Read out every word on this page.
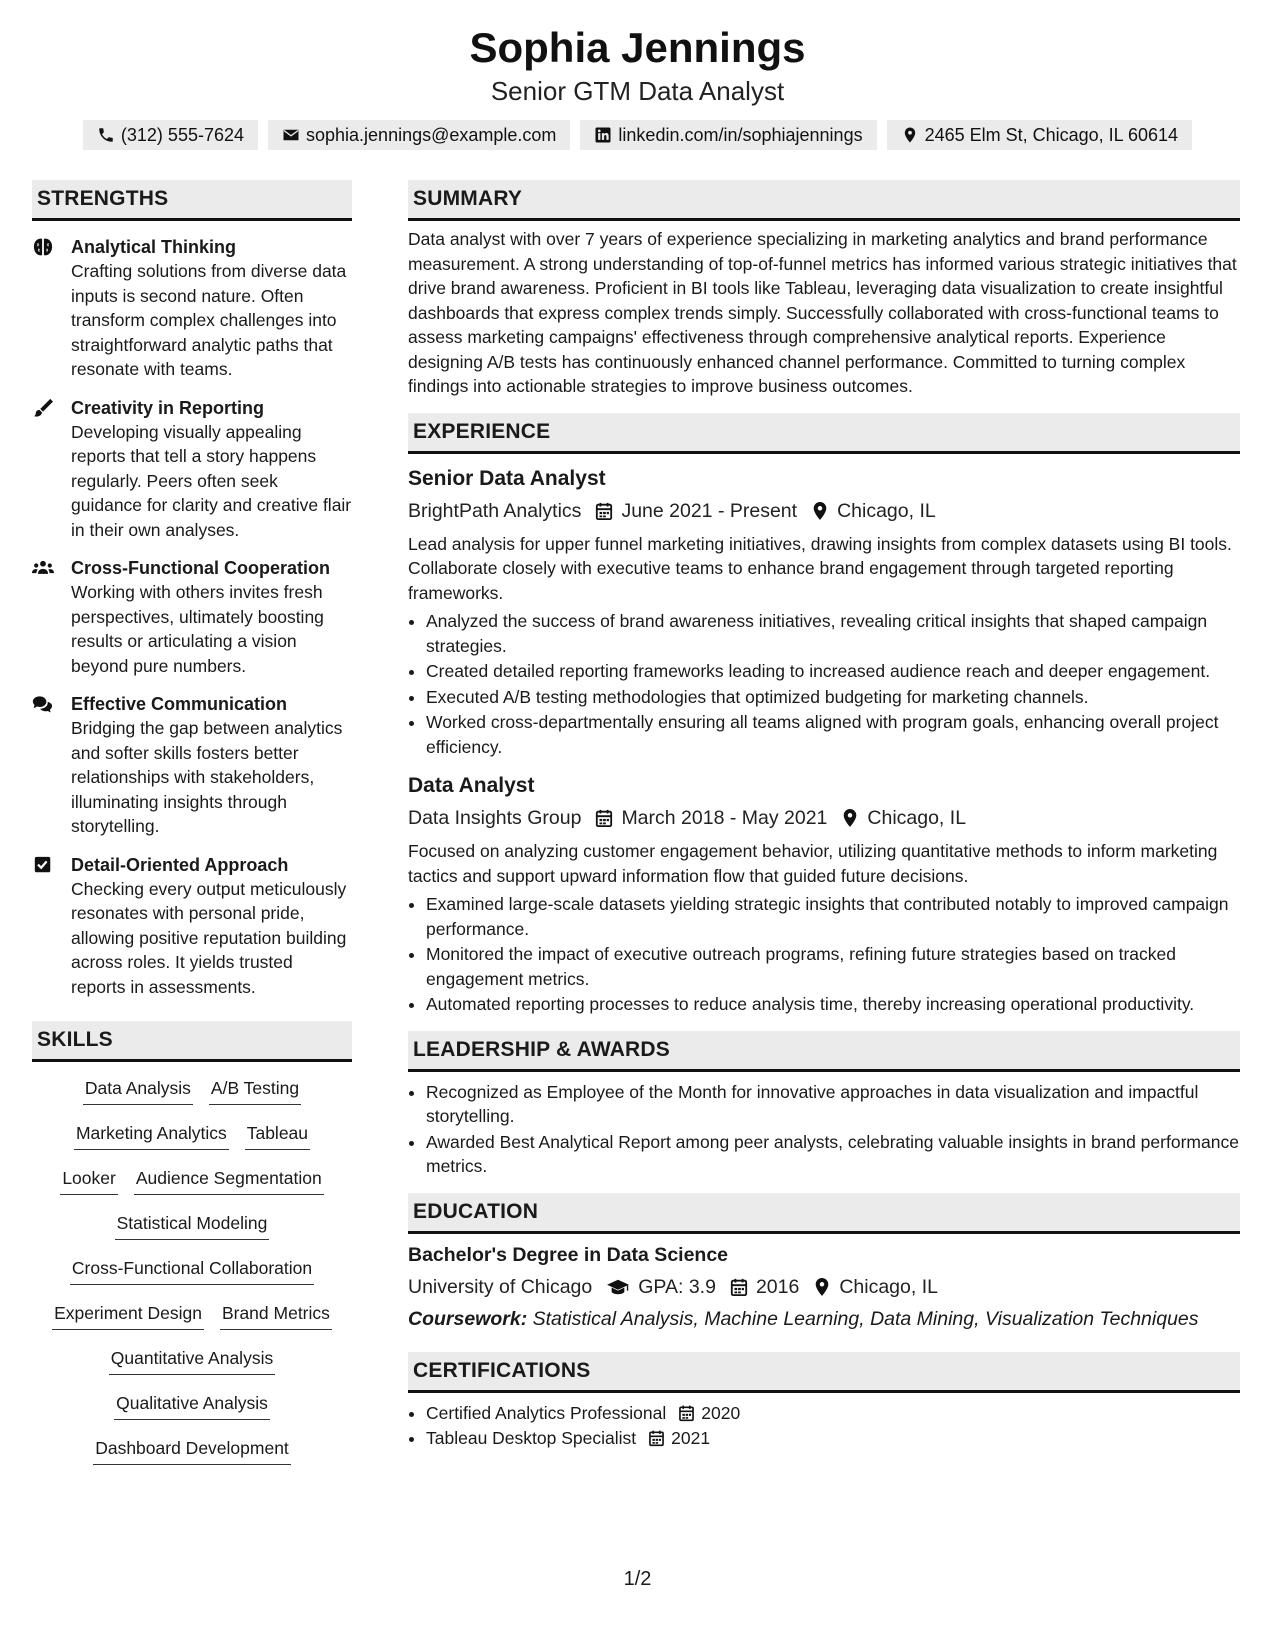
Sophia Jennings
Senior GTM Data Analyst
(312) 555-7624	sophia.jennings@example.com	linkedin.com/in/sophiajennings	2465 Elm St, Chicago, IL 60614
STRENGTHS
Analytical Thinking
Crafting solutions from diverse data inputs is second nature. Often transform complex challenges into straightforward analytic paths that resonate with teams.
Creativity in Reporting
Developing visually appealing reports that tell a story happens regularly. Peers often seek guidance for clarity and creative flair in their own analyses.
Cross-Functional Cooperation
Working with others invites fresh perspectives, ultimately boosting results or articulating a vision beyond pure numbers.
Effective Communication
Bridging the gap between analytics and softer skills fosters better relationships with stakeholders, illuminating insights through storytelling.
Detail-Oriented Approach
Checking every output meticulously resonates with personal pride, allowing positive reputation building across roles. It yields trusted reports in assessments.
SKILLS
Data Analysis A/B Testing
Marketing Analytics Tableau
Looker Audience Segmentation
Statistical Modeling
Cross-Functional Collaboration
Experiment Design Brand Metrics
Quantitative Analysis
Qualitative Analysis
Dashboard Development
SUMMARY

Data analyst with over 7 years of experience specializing in marketing analytics and brand performance measurement. A strong understanding of top-of-funnel metrics has informed various strategic initiatives that drive brand awareness. Proficient in BI tools like Tableau, leveraging data visualization to create insightful dashboards that express complex trends simply. Successfully collaborated with cross-functional teams to assess marketing campaigns' effectiveness through comprehensive analytical reports. Experience designing A/B tests has continuously enhanced channel performance. Committed to turning complex findings into actionable strategies to improve business outcomes.

EXPERIENCE
Senior Data Analyst
BrightPath Analytics June 2021 - Present Chicago, IL

Lead analysis for upper funnel marketing initiatives, drawing insights from complex datasets using BI tools. Collaborate closely with executive teams to enhance brand engagement through targeted reporting frameworks.

• Analyzed the success of brand awareness initiatives, revealing critical insights that shaped campaign strategies.
• Created detailed reporting frameworks leading to increased audience reach and deeper engagement.
• Executed A/B testing methodologies that optimized budgeting for marketing channels.
• Worked cross-departmentally ensuring all teams aligned with program goals, enhancing overall project efficiency.
Data Analyst
Data Insights Group March 2018 - May 2021 Chicago, IL

Focused on analyzing customer engagement behavior, utilizing quantitative methods to inform marketing tactics and support upward information flow that guided future decisions.

• Examined large-scale datasets yielding strategic insights that contributed notably to improved campaign performance.
• Monitored the impact of executive outreach programs, refining future strategies based on tracked engagement metrics.
• Automated reporting processes to reduce analysis time, thereby increasing operational productivity.
LEADERSHIP & AWARDS
• Recognized as Employee of the Month for innovative approaches in data visualization and impactful storytelling.
• Awarded Best Analytical Report among peer analysts, celebrating valuable insights in brand performance metrics.
EDUCATION
Bachelor's Degree in Data Science
University of Chicago GPA: 3.9 2016 Chicago, IL
Coursework: Statistical Analysis, Machine Learning, Data Mining, Visualization Techniques
CERTIFICATIONS
• Certified Analytics Professional 2020
• Tableau Desktop Specialist 2021
1/2
